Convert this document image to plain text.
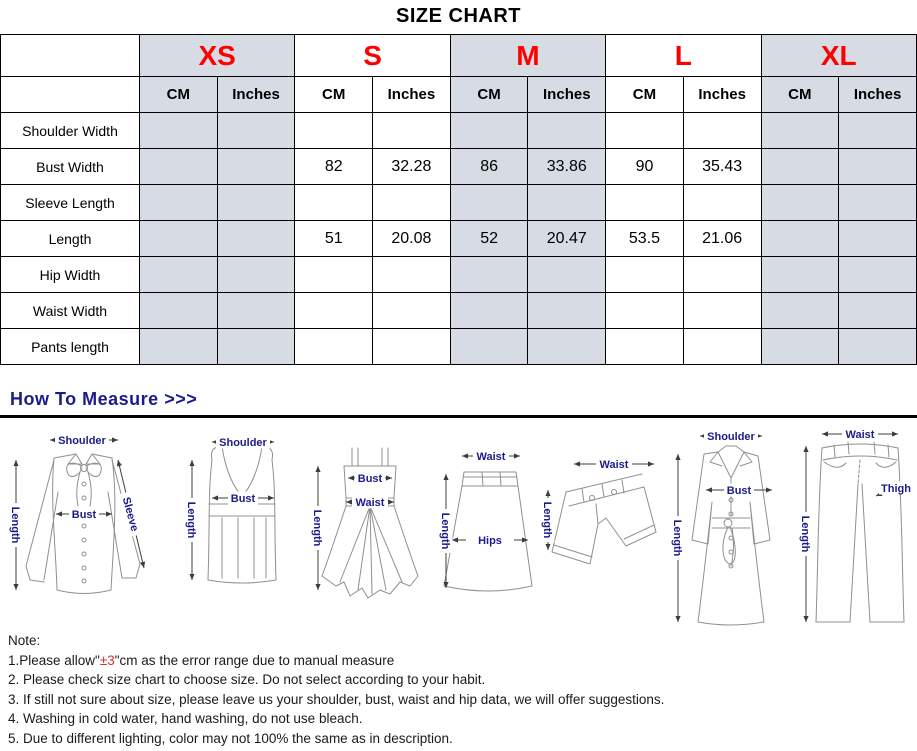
SIZE CHART
	XS		S		M		L		XL	
	CM	Inches	CM	Inches	CM	Inches	CM	Inches	CM	Inches
Shoulder Width										
Bust Width			82	32.28	86	33.86	90	35.43		
Sleeve Length										
Length			51	20.08	52	20.47	53.5	21.06		
Hip Width										
Waist Width										
Pants length										
How To Measure >>>
Shoulder
Length	Bust Sleeve
Shoulder
Length
Bust
Bust
Waist
Length
Waist
Hips
Length
Waist
Length
Shoulder
Bust
Length
Waist
Thigh
Length
Note:
1.Please allow"±3"cm as the error range due to manual measure
2. Please check size chart to choose size. Do not select according to your habit.
3. If still not sure about size, please leave us your shoulder, bust, waist and hip data, we will offer suggestions.
4. Washing in cold water, hand washing, do not use bleach.
5. Due to different lighting, color may not 100% the same as in description.
